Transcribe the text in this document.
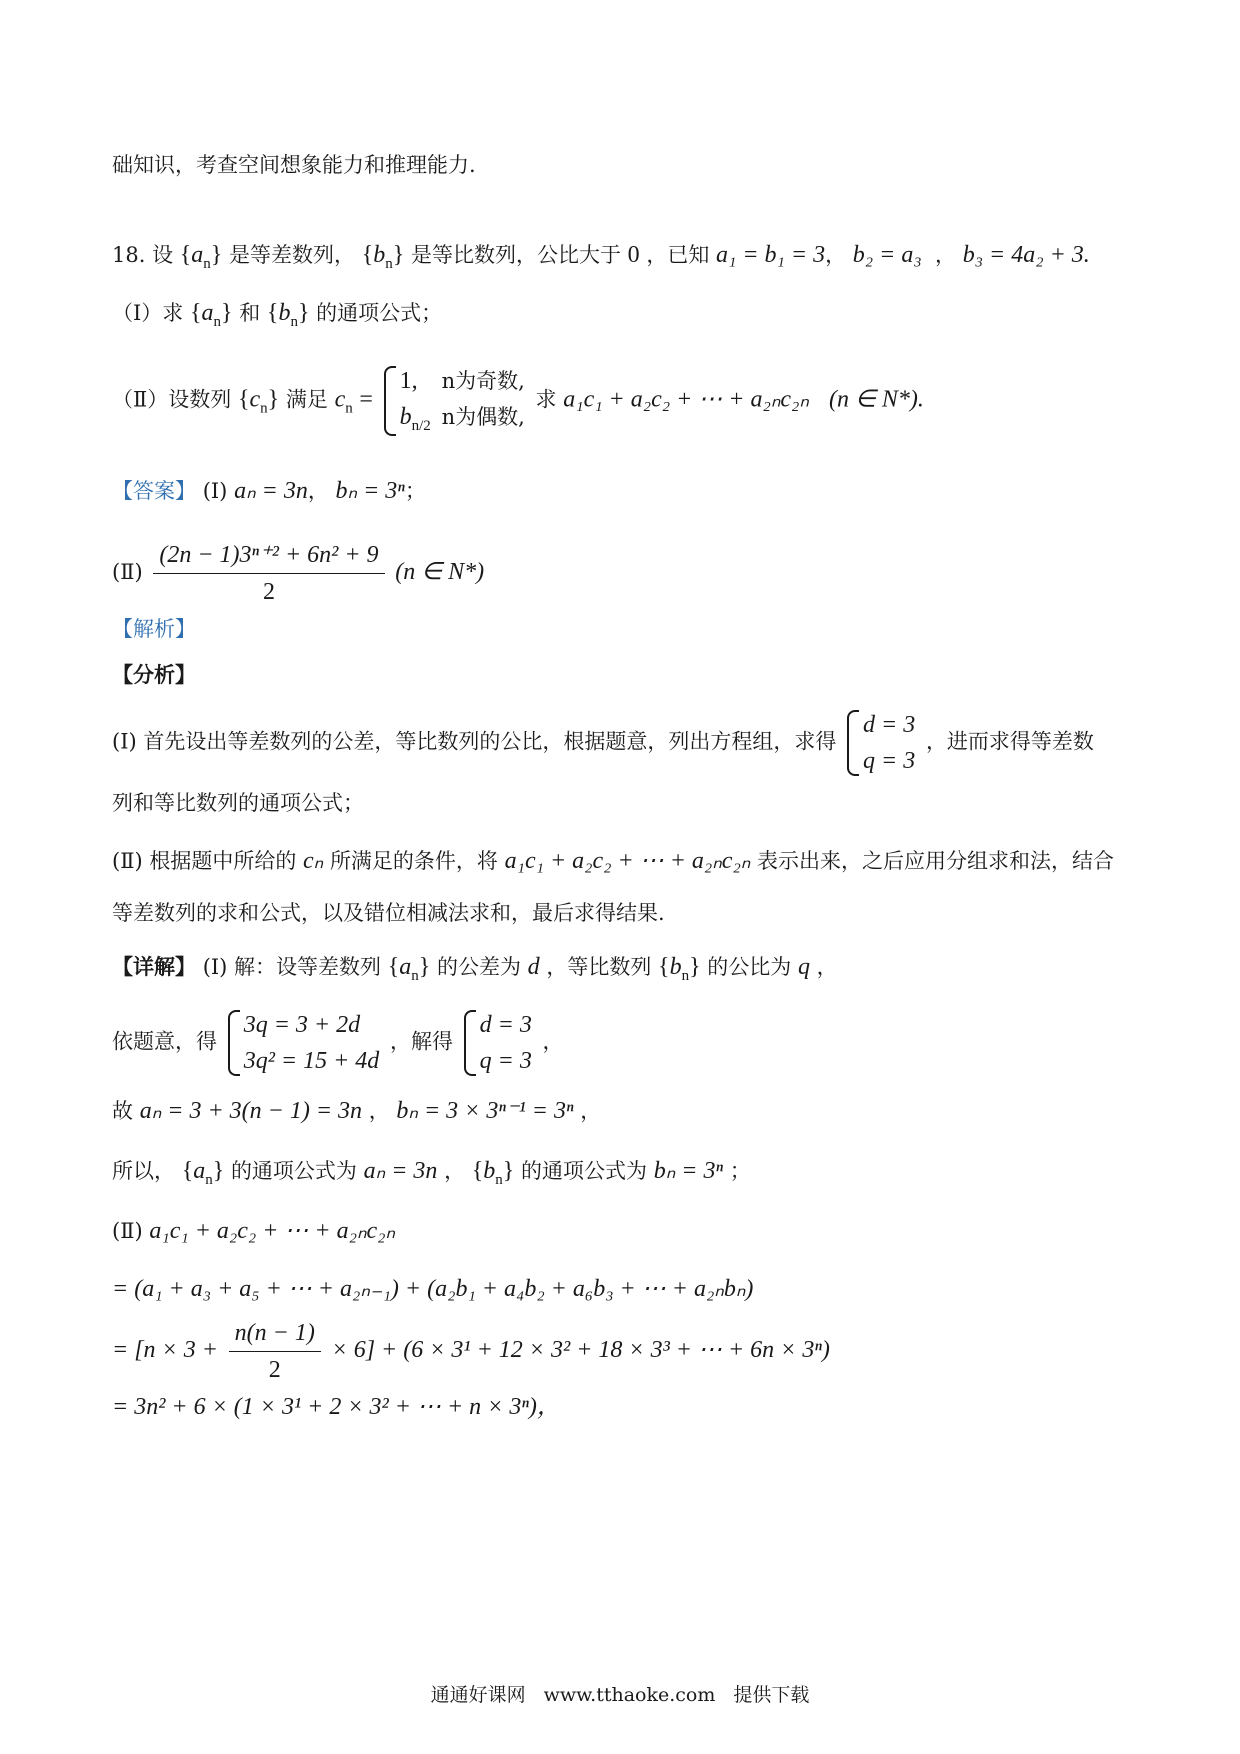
础知识，考查空间想象能力和推理能力.
18. 设 $\{a_n\}$ 是等差数列， $\{b_n\}$ 是等比数列，公比大于 0 ，已知 a₁ = b₁ = 3， b₂ = a₃  ， b₃ = 4a₂ + 3.
（Ⅰ）求 $\{a_n\}$ 和 $\{b_n\}$ 的通项公式；
（Ⅱ）设数列 $\{c_n\}$ 满足 $c_n$ =
1, n为奇数,
$b_{n/2}$ n为偶数,
求 a₁c₁ + a₂c₂ + ⋯ + a₂ₙc₂ₙ (n ∈ N*).
【答案】 (Ⅰ) aₙ = 3n， bₙ = 3ⁿ；
(Ⅱ) $\frac{\text{(2n − 1)3ⁿ⁺² + 6n² + 9}}{2} (n$ ∈ N*)
【解析】
【分析】
(Ⅰ) 首先设出等差数列的公差，等比数列的公比，根据题意，列出方程组，求得
d = 3
q = 3
，进而求得等差数
列和等比数列的通项公式；
(Ⅱ) 根据题中所给的 cₙ 所满足的条件，将 a₁c₁ + a₂c₂ + ⋯ + a₂ₙc₂ₙ 表示出来，之后应用分组求和法，结合
等差数列的求和公式，以及错位相减法求和，最后求得结果.
【详解】 (Ⅰ) 解：设等差数列 $\{a_n\}$ 的公差为 d ，等比数列 $\{b_n\}$ 的公比为 q ，
依题意，得
3q = 3 + 2d
3q² = 15 + 4d
，解得
d = 3
q = 3
，
故 aₙ = 3 + 3(n − 1) = 3n ， bₙ = 3 × 3ⁿ⁻¹ = 3ⁿ ，
所以， $\{a_n\}$ 的通项公式为 aₙ = 3n ， $\{b_n\}$ 的通项公式为 bₙ = 3ⁿ ；
(Ⅱ) a₁c₁ + a₂c₂ + ⋯ + a₂ₙc₂ₙ
= (a₁ + a₃ + a₅ + ⋯ + a₂ₙ₋₁) + (a₂b₁ + a₄b₂ + a₆b₃ + ⋯ + a₂ₙbₙ)
= $[n \times 3 + \frac{n(n - 1)}{2} \times 6] + (6 \times 3^1 + 12 \times 3^2 + 18 \times 3^3$ + ⋯ + 6n × 3ⁿ)
= 3n² + 6 × (1 × 3¹ + 2 × 3² + ⋯ + n × 3ⁿ)，
通通好课网 www.tthaoke.com 提供下载
